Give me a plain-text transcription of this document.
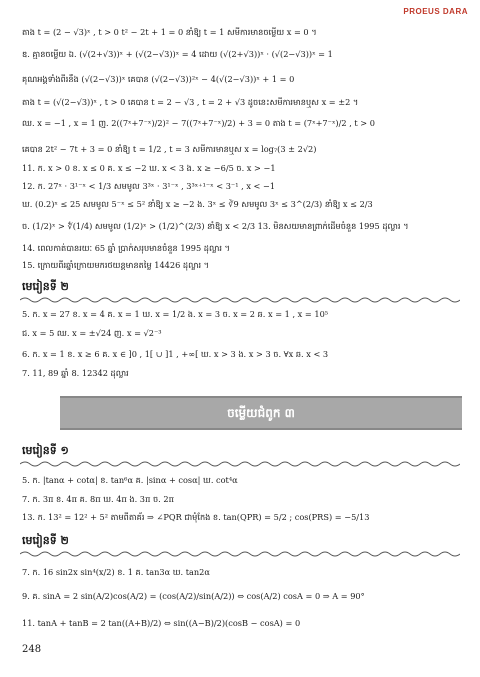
PROEUS DARA
តាង t = (2 − √3)ˣ , t > 0 t² − 2t + 1 = 0 នាំឱ្យ t = 1 សមីការមានចម្លើយ x = 0 ។
ឌ. គ្មានចម្លើយ ឯ. (√(2+√3))ˣ + (√(2−√3))ˣ = 4 ដោយ (√(2+√3))ˣ · (√(2−√3))ˣ = 1
គុណអង្គទាំងពីរនឹង (√(2−√3))ˣ គេបាន (√(2−√3))²ˣ − 4(√(2−√3))ˣ + 1 = 0
តាង t = (√(2−√3))ˣ , t > 0 គេបាន t = 2 − √3 , t = 2 + √3 ដូចនេះសមីការមានឬស x = ±2 ។
ឈ. x = −1 , x = 1 ញ. 2((7ˣ+7⁻ˣ)/2)² − 7((7ˣ+7⁻ˣ)/2) + 3 = 0 តាង t = (7ˣ+7⁻ˣ)/2 , t > 0
គេបាន 2t² − 7t + 3 = 0 នាំឱ្យ t = 1/2 , t = 3 សមីការមានឬស x = log₇(3 ± 2√2)
11. ក. x > 0 ខ. x ≤ 0 គ. x ≤ −2 ឃ. x < 3 ង. x ≥ −6/5 ច. x > −1
12. ក. 27ˣ · 3¹⁻ˣ < 1/3 សមមូល 3³ˣ · 3¹⁻ˣ , 3³ˣ⁺¹⁻ˣ < 3⁻¹ , x < −1
ឃ. (0.2)ˣ ≤ 25 សមមូល 5⁻ˣ ≤ 5² នាំឱ្យ x ≥ −2 ង. 3ˣ ≤ ∛9 សមមូល 3ˣ ≤ 3^(2/3) នាំឱ្យ x ≤ 2/3
ច. (1/2)ˣ > ∜(1/4) សមមូល (1/2)ˣ > (1/2)^(2/3) នាំឱ្យ x < 2/3 13. មិនសយមានព្រាក់ដើមចំនួន 1995 ដុល្លារ ។
14. ពេលកាត់បានរយៈ 65 ឆ្នាំ ប្រាក់សរុបមានចំនួន 1995 ដុល្លារ ។
15. ក្រោយពីរឆ្នាំក្រោយមករថយន្តមានតម្លៃ 14426 ដុល្លារ ។
មេរៀនទី ២
5. ក. x = 27 ខ. x = 4 គ. x = 1 ឃ. x = 1/2 ង. x = 3 ច. x = 2 ឆ. x = 1 , x = 10⁵
ជ. x = 5 ឈ. x = ±√24 ញ. x = √2⁻³
6. ក. x = 1 ខ. x ≥ 6 គ. x ∈ ]0 , 1[ ∪ ]1 , +∞[ ឃ. x > 3 ង. x > 3 ច. ∀x ឆ. x < 3
7. 11, 89 ឆ្នាំ 8. 12342 ដុល្លារ
ចម្លើយជំពូក ៣
មេរៀនទី ១
5. ក. |tanα + cotα| ខ. tan⁶α គ. |sinα + cosα| ឃ. cot⁴α
7. ក. 3π ខ. 4π គ. 8π ឃ. 4π ង. 3π ច. 2π
13. ក. 13² = 12² + 5² តាមពីតាគ័រ ⇒ ∠PQR ជាមុំកែង ខ. tan(QPR) = 5/2 ; cos(PRS) = −5/13
មេរៀនទី ២
7. ក. 16 sin2x sin⁴(x/2) ខ. 1 គ. tan3α ឃ. tan2α
9. គ. sinA = 2 sin(A/2)cos(A/2) = (cos(A/2)/sin(A/2)) ⇔ cos(A/2) cosA = 0 ⇒ A = 90°
11. tanA + tanB = 2 tan((A+B)/2) ⇔ sin((A−B)/2)(cosB − cosA) = 0
248
